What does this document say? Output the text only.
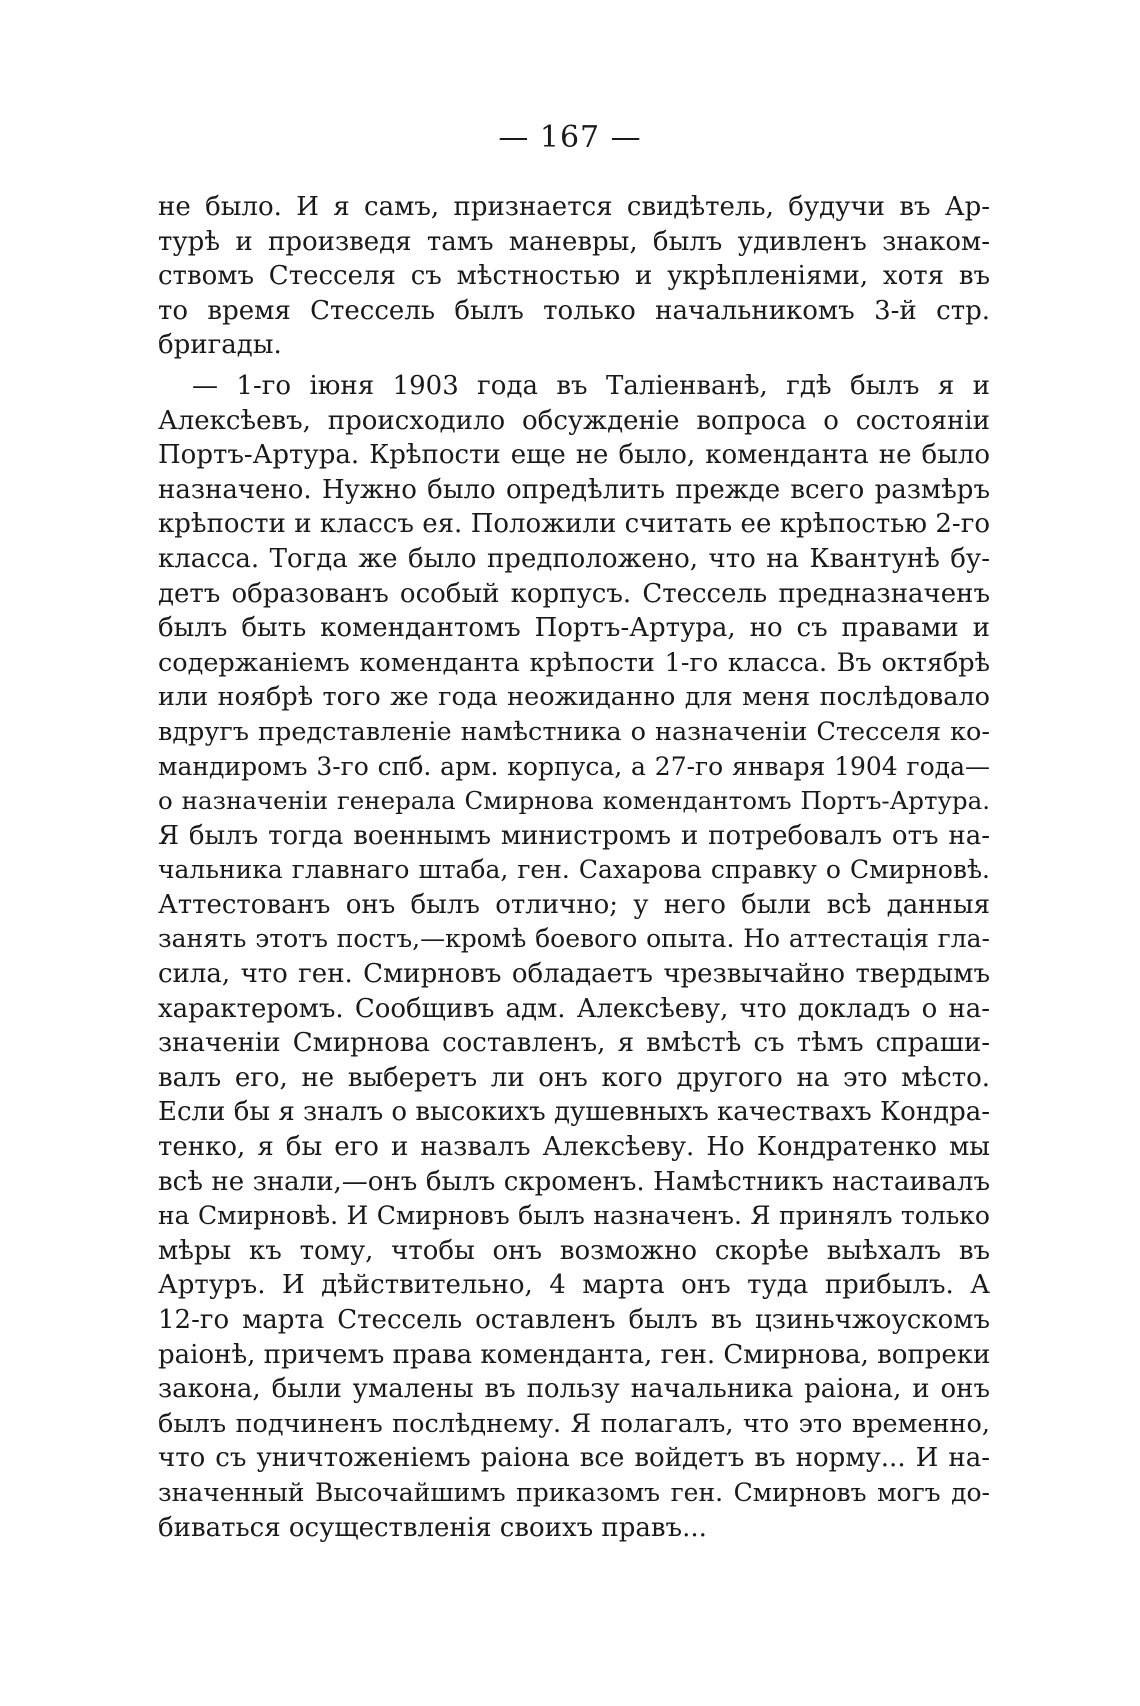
— 167 —
не было. И я самъ, признается свидѣтель, будучи въ Ар-
турѣ и произведя тамъ маневры, былъ удивленъ знаком-
ствомъ Стесселя съ мѣстностью и укрѣпленіями, хотя въ
то время Стессель былъ только начальникомъ 3-й стр.
бригады.
— 1-го іюня 1903 года въ Таліенванѣ, гдѣ былъ я и
Алексѣевъ, происходило обсужденіе вопроса о состояніи
Портъ-Артура. Крѣпости еще не было, коменданта не было
назначено. Нужно было опредѣлить прежде всего размѣръ
крѣпости и классъ ея. Положили считать ее крѣпостью 2-го
класса. Тогда же было предположено, что на Квантунѣ бу-
детъ образованъ особый корпусъ. Стессель предназначенъ
былъ быть комендантомъ Портъ-Артура, но съ правами и
содержаніемъ коменданта крѣпости 1-го класса. Въ октябрѣ
или ноябрѣ того же года неожиданно для меня послѣдовало
вдругъ представленіе намѣстника о назначеніи Стесселя ко-
мандиромъ 3-го спб. арм. корпуса, а 27-го января 1904 года—
о назначеніи генерала Смирнова комендантомъ Портъ-Артура.
Я былъ тогда военнымъ министромъ и потребовалъ отъ на-
чальника главнаго штаба, ген. Сахарова справку о Смирновѣ.
Аттестованъ онъ былъ отлично; у него были всѣ данныя
занять этотъ постъ,—кромѣ боевого опыта. Но аттестація гла-
сила, что ген. Смирновъ обладаетъ чрезвычайно твердымъ
характеромъ. Сообщивъ адм. Алексѣеву, что докладъ о на-
значеніи Смирнова составленъ, я вмѣстѣ съ тѣмъ спраши-
валъ его, не выберетъ ли онъ кого другого на это мѣсто.
Если бы я зналъ о высокихъ душевныхъ качествахъ Кондра-
тенко, я бы его и назвалъ Алексѣеву. Но Кондратенко мы
всѣ не знали,—онъ былъ скроменъ. Намѣстникъ настаивалъ
на Смирновѣ. И Смирновъ былъ назначенъ. Я принялъ только
мѣры къ тому, чтобы онъ возможно скорѣе выѣхалъ въ
Артуръ. И дѣйствительно, 4 марта онъ туда прибылъ. А
12-го марта Стессель оставленъ былъ въ цзиньчжоускомъ
раіонѣ, причемъ права коменданта, ген. Смирнова, вопреки
закона, были умалены въ пользу начальника раіона, и онъ
былъ подчиненъ послѣднему. Я полагалъ, что это временно,
что съ уничтоженіемъ раіона все войдетъ въ норму... И на-
значенный Высочайшимъ приказомъ ген. Смирновъ могъ до-
биваться осуществленія своихъ правъ...
